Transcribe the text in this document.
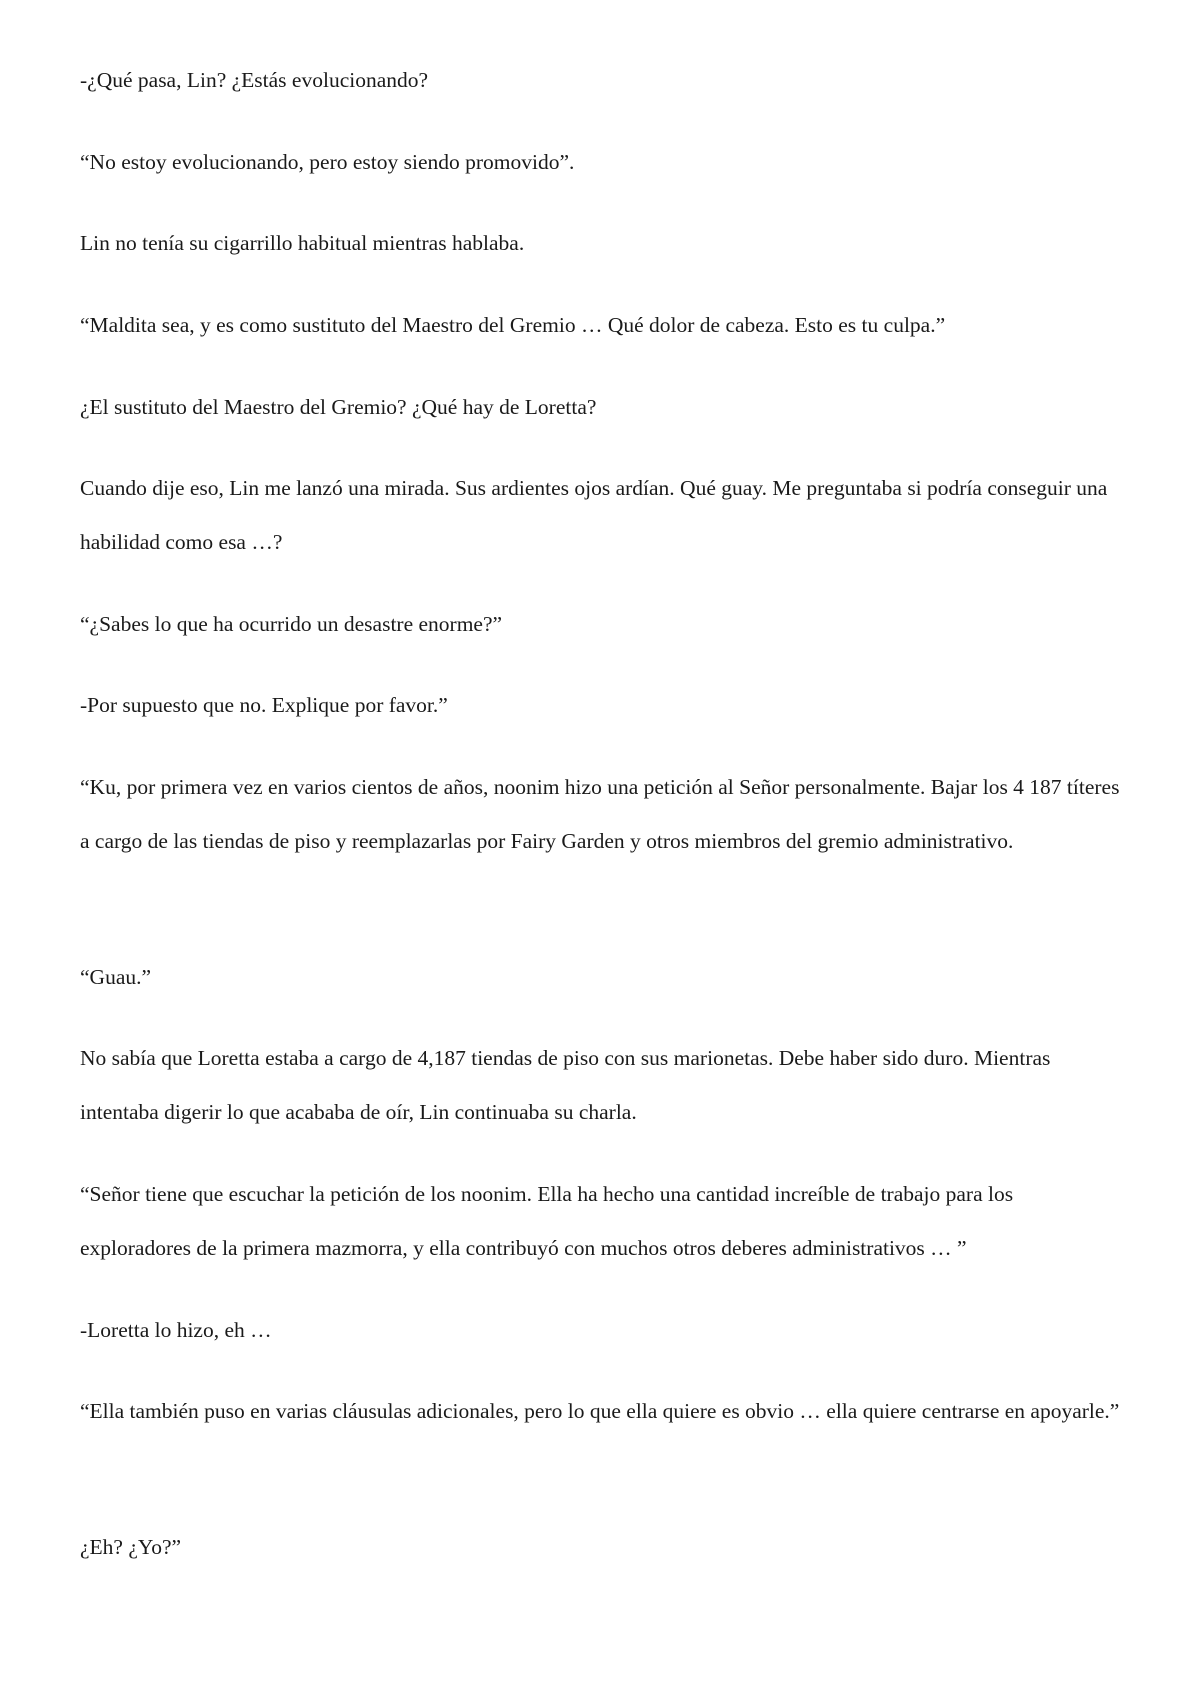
-¿Qué pasa, Lin? ¿Estás evolucionando?

“No estoy evolucionando, pero estoy siendo promovido”.

Lin no tenía su cigarrillo habitual mientras hablaba.

“Maldita sea, y es como sustituto del Maestro del Gremio … Qué dolor de cabeza. Esto es tu culpa.”

¿El sustituto del Maestro del Gremio? ¿Qué hay de Loretta?

Cuando dije eso, Lin me lanzó una mirada. Sus ardientes ojos ardían. Qué guay. Me preguntaba si podría conseguir una habilidad como esa …?

“¿Sabes lo que ha ocurrido un desastre enorme?”

-Por supuesto que no. Explique por favor.”

“Ku, por primera vez en varios cientos de años, noonim hizo una petición al Señor personalmente. Bajar los 4 187 títeres a cargo de las tiendas de piso y reemplazarlas por Fairy Garden y otros miembros del gremio administrativo.

“Guau.”

No sabía que Loretta estaba a cargo de 4,187 tiendas de piso con sus marionetas. Debe haber sido duro. Mientras intentaba digerir lo que acababa de oír, Lin continuaba su charla.

“Señor tiene que escuchar la petición de los noonim. Ella ha hecho una cantidad increíble de trabajo para los exploradores de la primera mazmorra, y ella contribuyó con muchos otros deberes administrativos … ”

-Loretta lo hizo, eh …

“Ella también puso en varias cláusulas adicionales, pero lo que ella quiere es obvio … ella quiere centrarse en apoyarle.”

¿Eh? ¿Yo?”
